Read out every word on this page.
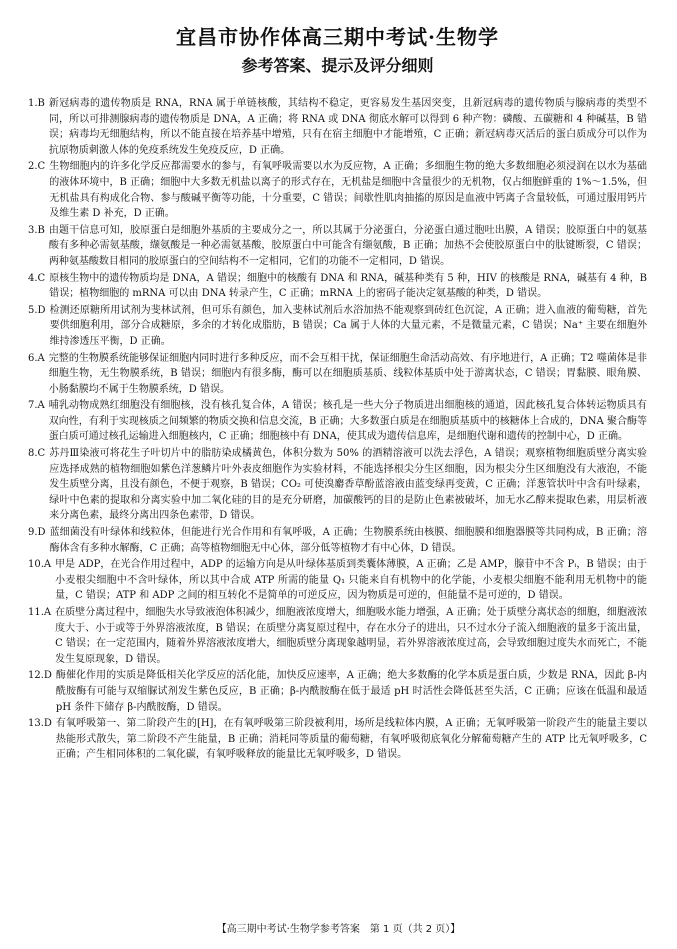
宜昌市协作体高三期中考试·生物学
参考答案、提示及评分细则
1.B 新冠病毒的遗传物质是 RNA，RNA 属于单链核酸，其结构不稳定，更容易发生基因突变，且新冠病毒的遗传物质与腺病毒的类型不同，所以可排测腺病毒的遗传物质是 DNA，A 正确；将 RNA 或 DNA 彻底水解可以得到 6 种产物：磷酸、五碳糖和 4 种碱基，B 错误；病毒均无细胞结构，所以不能直接在培养基中增殖，只有在宿主细胞中才能增殖，C 正确；新冠病毒灭活后的蛋白质成分可以作为抗原物质刺激人体的免疫系统发生免疫反应，D 正确。
2.C 生物细胞内的许多化学反应都需要水的参与，有氧呼吸需要以水为反应物，A 正确；多细胞生物的绝大多数细胞必须浸润在以水为基础的液体环境中，B 正确；细胞中大多数无机盐以离子的形式存在，无机盐是细胞中含量很少的无机物，仅占细胞鲜重的 1%～1.5%，但无机盐具有构成化合物、参与酸碱平衡等功能，十分重要，C 错误；间歇性肌肉抽搐的原因是血液中钙离子含量较低，可通过服用钙片及维生素 D 补充，D 正确。
3.B 由题干信息可知，胶原蛋白是细胞外基质的主要成分之一，所以其属于分泌蛋白，分泌蛋白通过胞吐出膜，A 错误；胶原蛋白中的氨基酸有多种必需氨基酸，缬氨酸是一种必需氨基酸，胶原蛋白中可能含有缬氨酸，B 正确；加热不会使胶原蛋白中的肽键断裂，C 错误；两种氨基酸数目相同的胶原蛋白的空间结构不一定相同，它们的功能不一定相同，D 错误。
4.C 原核生物中的遗传物质均是 DNA，A 错误；细胞中的核酸有 DNA 和 RNA，碱基种类有 5 种，HIV 的核酸是 RNA，碱基有 4 种，B 错误；植物细胞的 mRNA 可以由 DNA 转录产生，C 正确；mRNA 上的密码子能决定氨基酸的种类，D 错误。
5.D 检测还原糖所用试剂为斐林试剂，但可乐有颜色，加入斐林试剂后水浴加热不能观察到砖红色沉淀，A 正确；进入血液的葡萄糖，首先要供细胞利用，部分合成糖原，多余的才转化成脂肪，B 错误；Ca 属于人体的大量元素，不是微量元素，C 错误；Na⁺ 主要在细胞外维持渗透压平衡，D 正确。
6.A 完整的生物膜系统能够保证细胞内同时进行多种反应，而不会互相干扰，保证细胞生命活动高效、有序地进行，A 正确；T2 噬菌体是非细胞生物，无生物膜系统，B 错误；细胞内有很多酶，酶可以在细胞质基质、线粒体基质中处于游离状态，C 错误；胃黏膜、眼角膜、小肠黏膜均不属于生物膜系统，D 错误。
7.A 哺乳动物成熟红细胞没有细胞核，没有核孔复合体，A 错误；核孔是一些大分子物质进出细胞核的通道，因此核孔复合体转运物质具有双向性，有利于实现核质之间频繁的物质交换和信息交流，B 正确；大多数蛋白质是在细胞质基质中的核糖体上合成的，DNA 聚合酶等蛋白质可通过核孔运输进入细胞核内，C 正确；细胞核中有 DNA，使其成为遗传信息库，是细胞代谢和遗传的控制中心，D 正确。
8.C 苏丹Ⅲ染液可将花生子叶切片中的脂肪染成橘黄色，体积分数为 50% 的酒精溶液可以洗去浮色，A 错误；观察植物细胞质壁分离实验应选择成熟的植物细胞如紫色洋葱鳞片叶外表皮细胞作为实验材料，不能选择根尖分生区细胞，因为根尖分生区细胞没有大液泡，不能发生质壁分离，且没有颜色，不便于观察，B 错误；CO₂ 可使溴麝香草酚蓝溶液由蓝变绿再变黄，C 正确；洋葱管状叶中含有叶绿素，绿叶中色素的提取和分离实验中加二氧化硅的目的是充分研磨，加碳酸钙的目的是防止色素被破坏，加无水乙醇来提取色素，用层析液来分离色素，最终分离出四条色素带，D 错误。
9.D 蓝细菌没有叶绿体和线粒体，但能进行光合作用和有氧呼吸，A 正确；生物膜系统由核膜、细胞膜和细胞器膜等共同构成，B 正确；溶酶体含有多种水解酶，C 正确；高等植物细胞无中心体，部分低等植物才有中心体，D 错误。
10.A 甲是 ADP，在光合作用过程中，ADP 的运输方向是从叶绿体基质到类囊体薄膜，A 正确；乙是 AMP，腺苷中不含 Pᵢ，B 错误；由于小麦根尖细胞中不含叶绿体，所以其中合成 ATP 所需的能量 Q₁ 只能来自有机物中的化学能，小麦根尖细胞不能利用无机物中的能量，C 错误；ATP 和 ADP 之间的相互转化不是简单的可逆反应，因为物质是可逆的，但能量不是可逆的，D 错误。
11.A 在质壁分离过程中，细胞失水导致液泡体积减少，细胞液浓度增大，细胞吸水能力增强，A 正确；处于质壁分离状态的细胞，细胞液浓度大于、小于或等于外界溶液浓度，B 错误；在质壁分离复原过程中，存在水分子的进出，只不过水分子流入细胞液的量多于流出量，C 错误；在一定范围内，随着外界溶液浓度增大，细胞质壁分离现象越明显，若外界溶液浓度过高，会导致细胞过度失水而死亡，不能发生复原现象，D 错误。
12.D 酶催化作用的实质是降低相关化学反应的活化能，加快反应速率，A 正确；绝大多数酶的化学本质是蛋白质，少数是 RNA，因此 β-内酰胺酶有可能与双缩脲试剂发生紫色反应，B 正确；β-内酰胺酶在低于最适 pH 时活性会降低甚至失活，C 正确；应该在低温和最适 pH 条件下储存 β-内酰胺酶，D 错误。
13.D 有氧呼吸第一、第二阶段产生的[H]，在有氧呼吸第三阶段被利用，场所是线粒体内膜，A 正确；无氧呼吸第一阶段产生的能量主要以热能形式散失，第二阶段不产生能量，B 正确；消耗同等质量的葡萄糖，有氧呼吸彻底氧化分解葡萄糖产生的 ATP 比无氧呼吸多，C 正确；产生相同体积的二氧化碳，有氧呼吸释放的能量比无氧呼吸多，D 错误。
【高三期中考试·生物学参考答案　第 1 页（共 2 页）】
